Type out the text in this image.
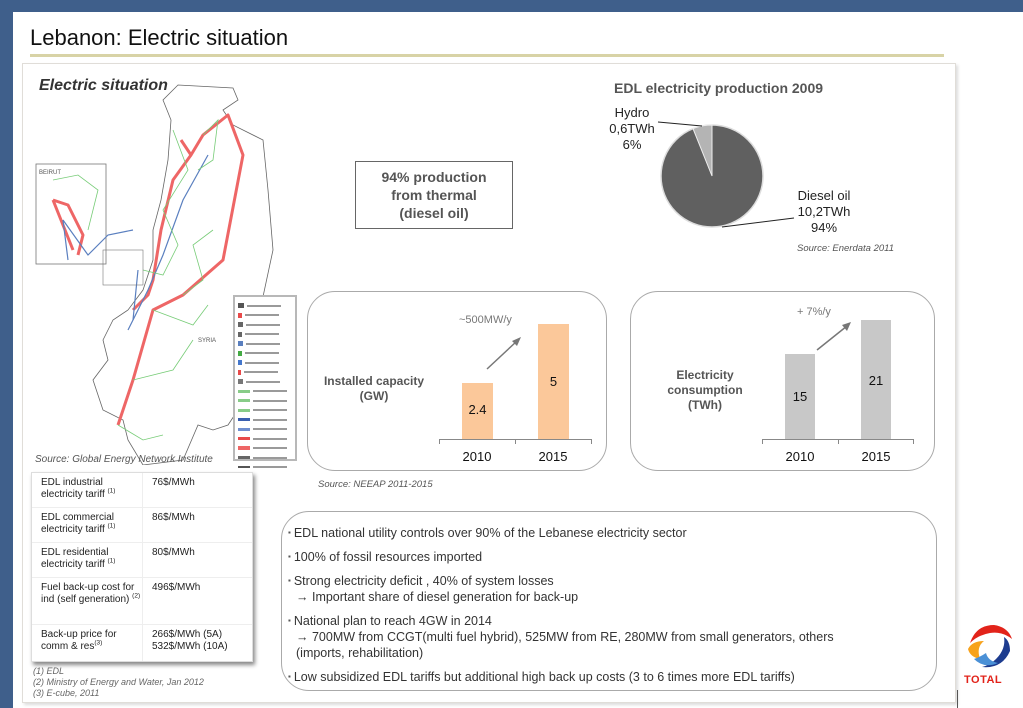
Lebanon: Electric situation
BEIRUT
SYRIA
Electric situation
Source: Global Energy Network Institute
94% production
from thermal
(diesel oil)
EDL electricity production 2009
Hydro
0,6TWh
6%
Diesel oil
10,2TWh
94%
Source: Enerdata 2011
Installed capacity
(GW)
~500MW/y
2.4
5
2010	2015
Source: NEEAP 2011-2015
Electricity
consumption
(TWh)
+ 7%/y
15
21
2010	2015
EDL industrial electricity tariff $^{(1)}$
76$/MWh
EDL commercial electricity tariff $^{(1)}$
86$/MWh
EDL residential electricity tariff $^{(1)}$
80$/MWh
Fuel back-up cost for ind (self generation) $^{(2)}$
496$/MWh
Back-up price for comm & res$^{(3)}$
266$/MWh (5A)
532$/MWh (10A)
(1) EDL
(2) Ministry of Energy and Water, Jan 2012
(3) E-cube, 2011
▪ EDL national utility controls over 90% of the Lebanese electricity sector
▪ 100% of fossil resources imported
▪ Strong electricity deficit , 40% of system losses
→ Important share of diesel generation for back-up
▪ National plan to reach 4GW in 2014
→ 700MW from CCGT(multi fuel hybrid), 525MW from RE, 280MW from small generators, others
(imports, rehabilitation)
▪ Low subsidized EDL tariffs but additional high back up costs (3 to 6 times more EDL tariffs)	TOTAL
